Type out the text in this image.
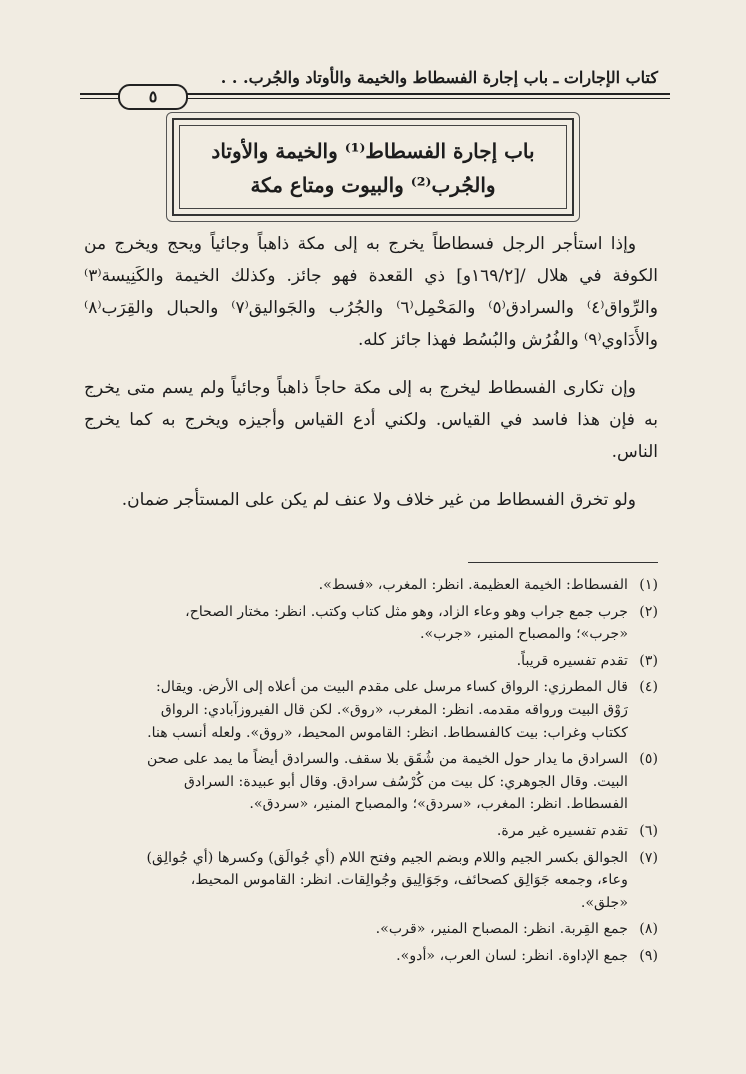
كتاب الإجارات ـ باب إجارة الفسطاط والخيمة والأوتاد والجُرب. . .
٥
باب إجارة الفسطاط⁽¹⁾ والخيمة والأوتاد
والجُرب⁽²⁾ والبيوت ومتاع مكة

وإذا استأجر الرجل فسطاطاً يخرج به إلى مكة ذاهباً وجائياً ويحج ويخرج من الكوفة في هلال /[١٦٩/٢و] ذي القعدة فهو جائز. وكذلك الخيمة والكَنِيسة⁽٣⁾ والرِّواق⁽٤⁾ والسرادق⁽٥⁾ والمَحْمِل⁽٦⁾ والجُرُب والجَواليق⁽٧⁾ والحبال والقِرَب⁽٨⁾ والأَدَاوي⁽٩⁾ والفُرُش والبُسُط فهذا جائز كله.

وإن تكارى الفسطاط ليخرج به إلى مكة حاجاً ذاهباً وجائياً ولم يسم متى يخرج به فإن هذا فاسد في القياس. ولكني أدع القياس وأجيزه ويخرج به كما يخرج الناس.

ولو تخرق الفسطاط من غير خلاف ولا عنف لم يكن على المستأجر ضمان.

(١)
الفسطاط: الخيمة العظيمة. انظر: المغرب، «فسط».
(٢)
جرب جمع جراب وهو وعاء الزاد، وهو مثل كتاب وكتب. انظر: مختار الصحاح،
«جرب»؛ والمصباح المنير، «جرب».
(٣)
تقدم تفسيره قريباً.
(٤)
قال المطرزي: الرواق كساء مرسل على مقدم البيت من أعلاه إلى الأرض. ويقال:
رَوْق البيت ورواقه مقدمه. انظر: المغرب، «روق». لكن قال الفيروزآبادي: الرواق
ككتاب وغراب: بيت كالفسطاط. انظر: القاموس المحيط، «روق». ولعله أنسب هنا.
(٥)
السرادق ما يدار حول الخيمة من شُقَق بلا سقف. والسرادق أيضاً ما يمد على صحن
البيت. وقال الجوهري: كل بيت من كُرْسُف سرادق. وقال أبو عبيدة: السرادق
الفسطاط. انظر: المغرب، «سردق»؛ والمصباح المنير، «سردق».
(٦)
تقدم تفسيره غير مرة.
(٧)
الجوالق بكسر الجيم واللام وبضم الجيم وفتح اللام (أي جُوالَق) وكسرها (أي جُوالِق)
وعاء، وجمعه جَوَالِق كصحائف، وجَوَالِيق وجُوالِقات. انظر: القاموس المحيط،
«جلق».
(٨)
جمع القِربة. انظر: المصباح المنير، «قرب».
(٩)
جمع الإداوة. انظر: لسان العرب، «أدو».
